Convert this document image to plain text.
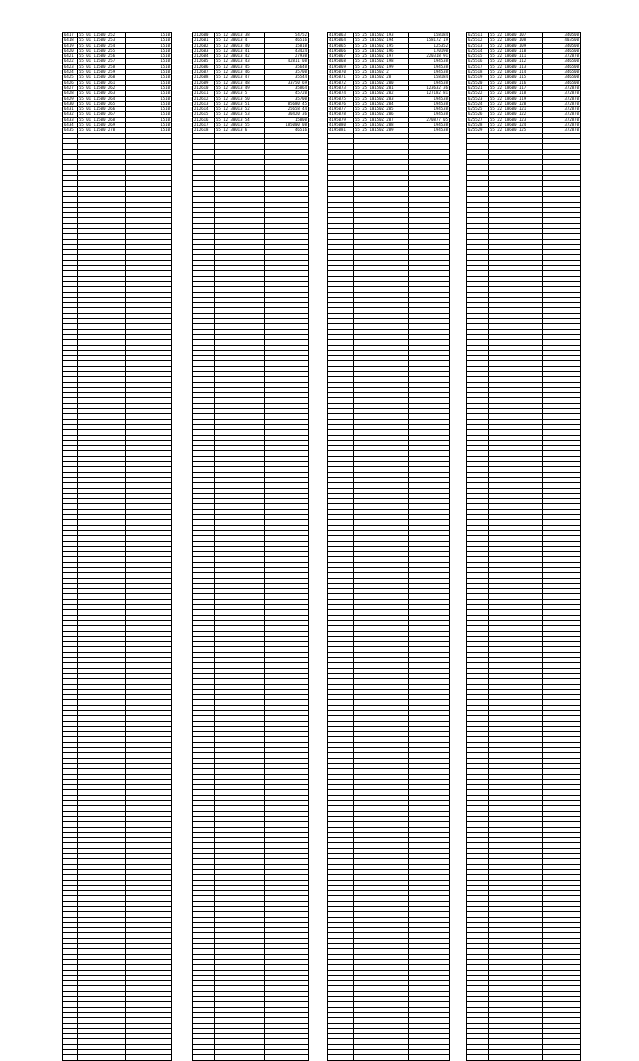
6417	55 01 11500 252	1510
6418	55 01 11500 253	1510
6419	55 01 11500 254	1510
6420	55 01 11500 255	1510
6421	55 01 11500 256	1510
6422	55 01 11500 257	1510
6423	55 01 11500 258	1510
6424	55 01 11500 259	1510
6425	55 01 11500 260	1510
6426	55 01 11500 261	1510
6427	55 01 11500 262	1510
6428	55 01 11500 263	1510
6429	55 01 11500 264	1510
6430	55 01 11500 265	1510
6431	55 01 11500 266	1510
6432	55 01 11500 267	1510
6433	55 01 11500 268	1510
6434	55 01 11500 269	1510
6435	55 01 11500 270	1510

212600	55 12 30013 38	54752
212601	55 12 30013 4	46516
212602	55 12 30013 40	15810
212603	55 12 30013 41	43424
212604	55 12 30013 42	27930
212605	55 12 30013 43	42811 08
212606	55 12 30013 45	35640
212607	55 12 30013 46	35700
212608	55 12 30013 47	35544
212609	55 12 30013 48	33750 69
212610	55 12 30013 49	35864
212611	55 12 30013 5	45720
212612	55 12 30013 50	35700
212613	55 12 30013 51	85680 45
212614	55 12 30013 52	25658 44
212615	55 12 30013 53	30420 36
212616	55 12 30013 54	15000
212617	55 12 30013 55	185000 08
212618	55 12 30013 6	46516

4195063	55 25 10150Z 193	158184
4195064	55 25 10150Z 194	158172 19
4195065	55 25 10150Z 195	125352
4195066	55 25 10150Z 196	170190
4195067	55 25 10150Z 197	220318 91
4195068	55 25 10150Z 198	194538
4195069	55 25 10150Z 199	194538
4195070	55 25 10150Z 2	194538
4195071	55 25 10150Z 20	158184
4195072	55 25 10150Z 200	194538
4195073	55 25 10150Z 201	123632 36
4195074	55 25 10150Z 202	127182 81
4195075	55 25 10150Z 203	194538
4195076	55 25 10150Z 204	194538
4195077	55 25 10150Z 205	194538
4195078	55 25 10150Z 206	194538
4195079	55 25 10150Z 207	270877 05
4195080	55 25 10150Z 208	194538
4195081	55 25 10150Z 209	194538

625511	55 22 18600 107	340500
625512	55 22 18600 108	403500
625513	55 22 18600 109	340500
625514	55 22 18600 110	346500
625515	55 22 18600 111	372870
625516	55 22 18600 112	346500
625517	55 22 18600 113	346500
625518	55 22 18600 114	346500
625519	55 22 18600 115	346500
625520	55 22 18600 116	346500
625521	55 22 18600 117	372870
625522	55 22 18600 118	372870
625523	55 22 18600 119	372870
625524	55 22 18600 120	372870
625525	55 22 18600 121	372870
625526	55 22 18600 122	372870
625527	55 22 18600 123	372870
625528	55 22 18600 124	372870
625529	55 22 18600 125	372870
